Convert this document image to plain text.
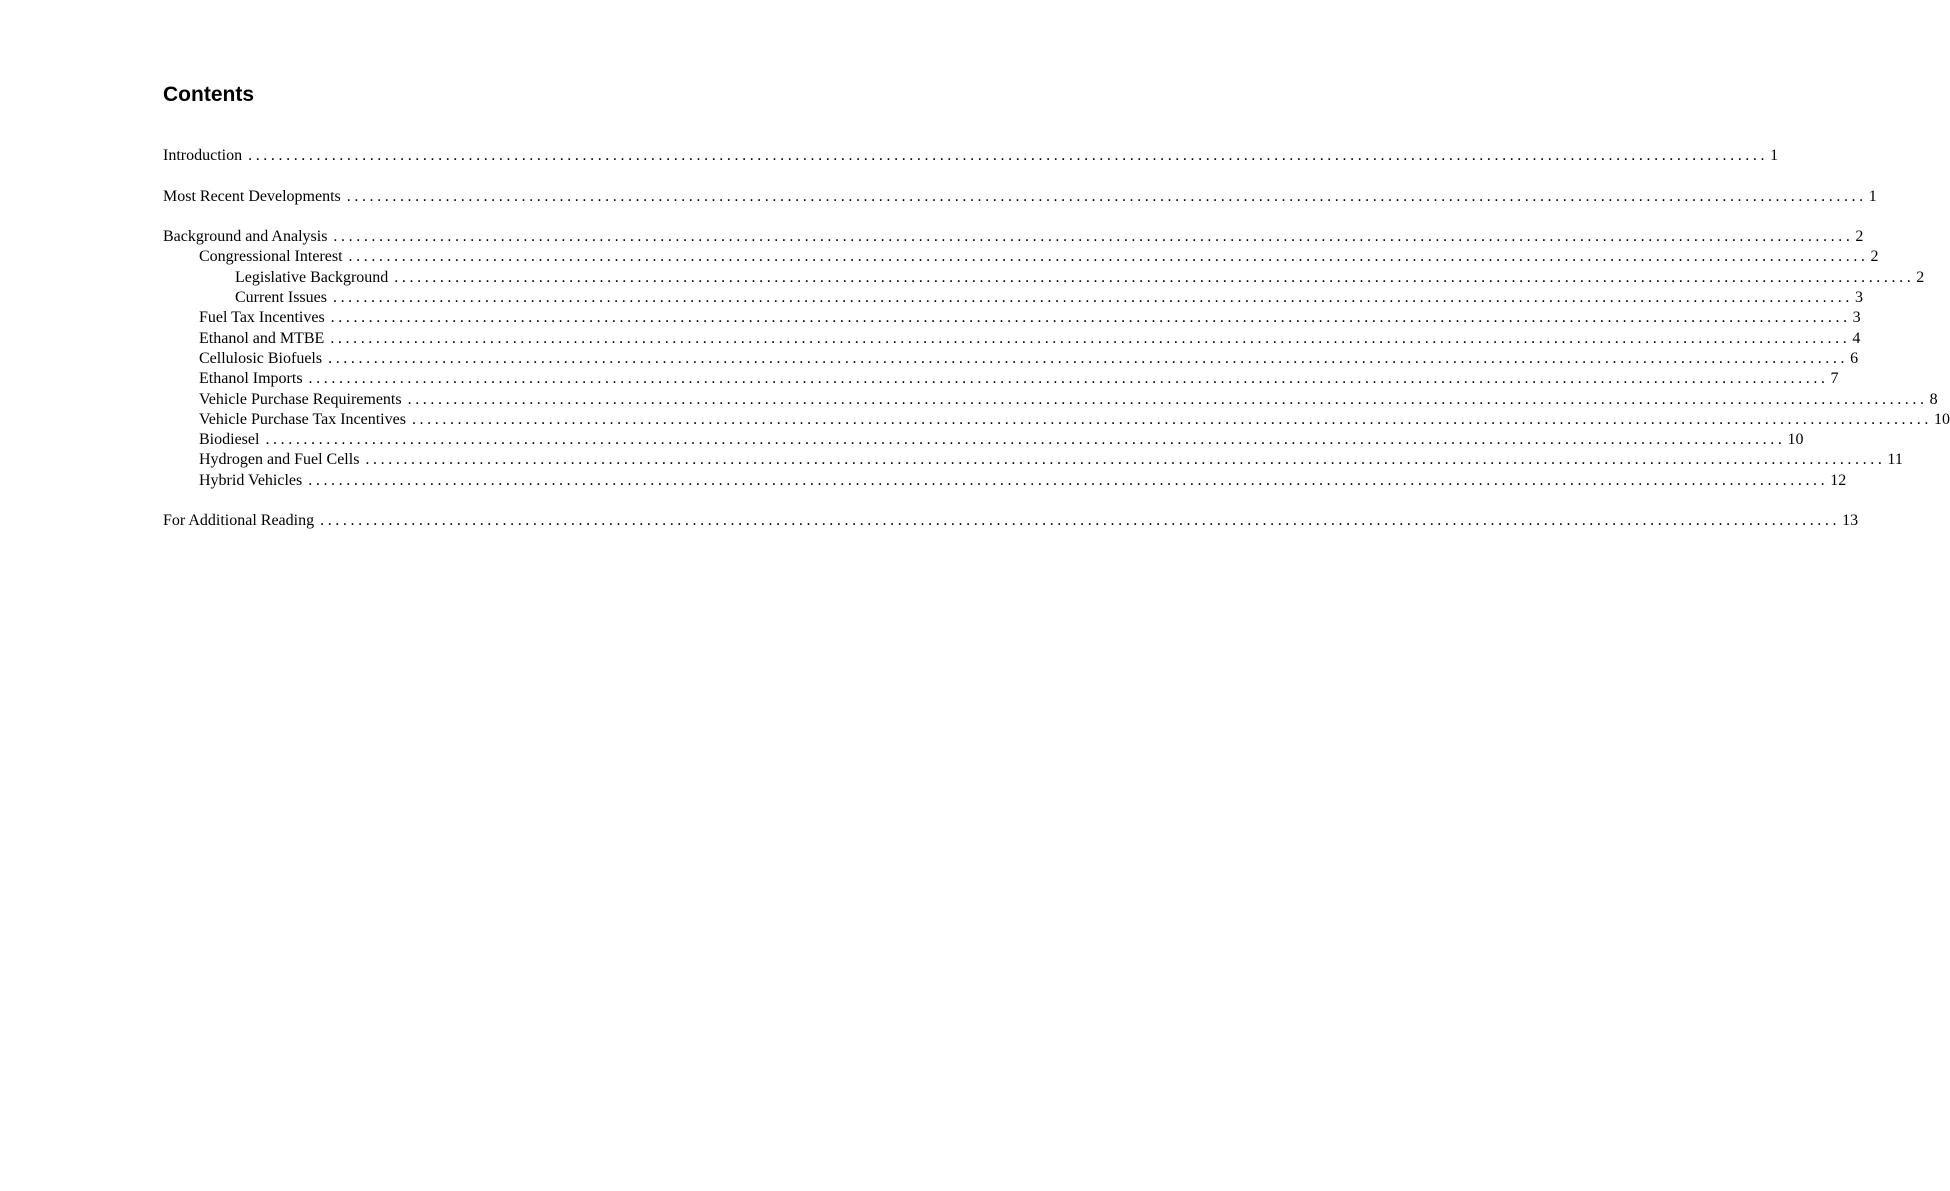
Contents
Introduction ........................................................................................................................................................................................................ 1
Most Recent Developments ........................................................................................................................................................................................................ 1
Background and Analysis ........................................................................................................................................................................................................ 2
Congressional Interest ........................................................................................................................................................................................................ 2
Legislative Background ........................................................................................................................................................................................................ 2
Current Issues ........................................................................................................................................................................................................ 3
Fuel Tax Incentives ........................................................................................................................................................................................................ 3
Ethanol and MTBE ........................................................................................................................................................................................................ 4
Cellulosic Biofuels ........................................................................................................................................................................................................ 6
Ethanol Imports ........................................................................................................................................................................................................ 7
Vehicle Purchase Requirements ........................................................................................................................................................................................................ 8
Vehicle Purchase Tax Incentives ........................................................................................................................................................................................................ 10
Biodiesel ........................................................................................................................................................................................................ 10
Hydrogen and Fuel Cells ........................................................................................................................................................................................................ 11
Hybrid Vehicles ........................................................................................................................................................................................................ 12
For Additional Reading ........................................................................................................................................................................................................ 13
